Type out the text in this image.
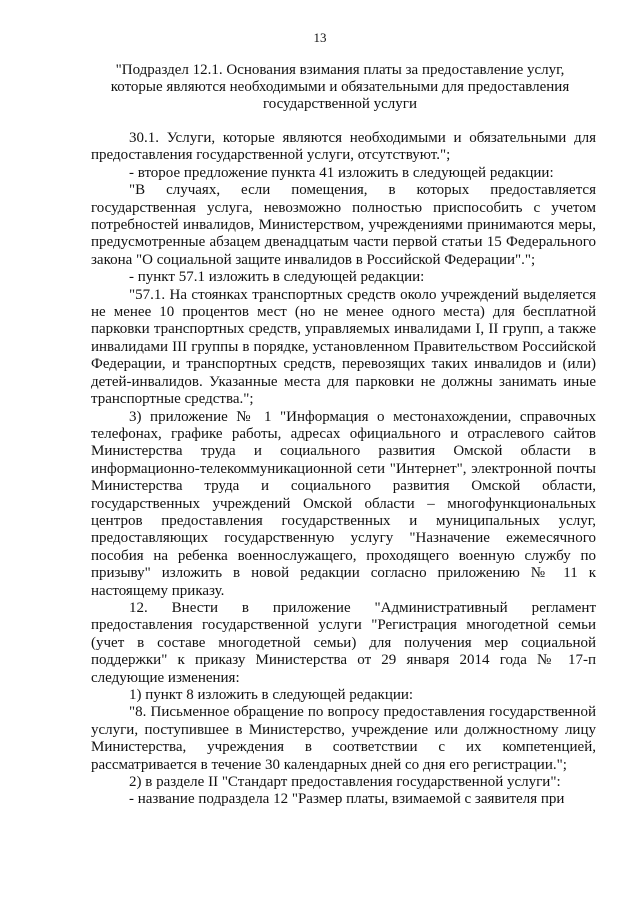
13
"Подраздел 12.1. Основания взимания платы за предоставление услуг, которые являются необходимыми и обязательными для предоставления государственной услуги

30.1. Услуги, которые являются необходимыми и обязательными для предоставления государственной услуги, отсутствуют.";

- второе предложение пункта 41 изложить в следующей редакции:

"В случаях, если помещения, в которых предоставляется государственная услуга, невозможно полностью приспособить с учетом потребностей инвалидов, Министерством, учреждениями принимаются меры, предусмотренные абзацем двенадцатым части первой статьи 15 Федерального закона "О социальной защите инвалидов в Российской Федерации".";

- пункт 57.1 изложить в следующей редакции:

"57.1. На стоянках транспортных средств около учреждений выделяется не менее 10 процентов мест (но не менее одного места) для бесплатной парковки транспортных средств, управляемых инвалидами I, II групп, а также инвалидами III группы в порядке, установленном Правительством Российской Федерации, и транспортных средств, перевозящих таких инвалидов и (или) детей-инвалидов. Указанные места для парковки не должны занимать иные транспортные средства.";

3) приложение № 1 "Информация о местонахождении, справочных телефонах, графике работы, адресах официального и отраслевого сайтов Министерства труда и социального развития Омской области в информационно-телекоммуникационной сети "Интернет", электронной почты Министерства труда и социального развития Омской области, государственных учреждений Омской области – многофункциональных центров предоставления государственных и муниципальных услуг, предоставляющих государственную услугу "Назначение ежемесячного пособия на ребенка военнослужащего, проходящего военную службу по призыву" изложить в новой редакции согласно приложению № 11 к настоящему приказу.

12. Внести в приложение "Административный регламент предоставления государственной услуги "Регистрация многодетной семьи (учет в составе многодетной семьи) для получения мер социальной поддержки" к приказу Министерства от 29 января 2014 года № 17-п следующие изменения:

1) пункт 8 изложить в следующей редакции:

"8. Письменное обращение по вопросу предоставления государственной услуги, поступившее в Министерство, учреждение или должностному лицу Министерства, учреждения в соответствии с их компетенцией, рассматривается в течение 30 календарных дней со дня его регистрации.";

2) в разделе II "Стандарт предоставления государственной услуги":

- название подраздела 12 "Размер платы, взимаемой с заявителя при
